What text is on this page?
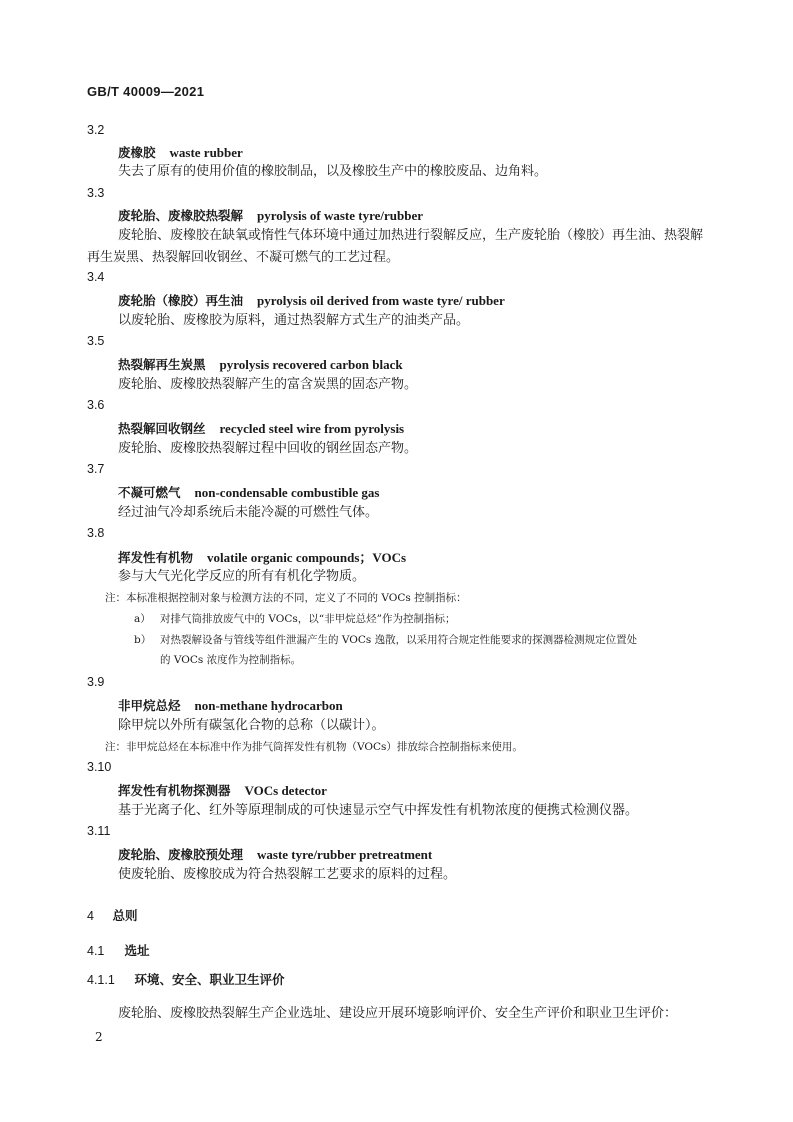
GB/T 40009—2021
3.2
废橡胶 waste rubber
失去了原有的使用价值的橡胶制品，以及橡胶生产中的橡胶废品、边角料。
3.3
废轮胎、废橡胶热裂解 pyrolysis of waste tyre/rubber
废轮胎、废橡胶在缺氧或惰性气体环境中通过加热进行裂解反应，生产废轮胎（橡胶）再生油、热裂解再生炭黑、热裂解回收钢丝、不凝可燃气的工艺过程。
3.4
废轮胎（橡胶）再生油 pyrolysis oil derived from waste tyre/ rubber
以废轮胎、废橡胶为原料，通过热裂解方式生产的油类产品。
3.5
热裂解再生炭黑 pyrolysis recovered carbon black
废轮胎、废橡胶热裂解产生的富含炭黑的固态产物。
3.6
热裂解回收钢丝 recycled steel wire from pyrolysis
废轮胎、废橡胶热裂解过程中回收的钢丝固态产物。
3.7
不凝可燃气 non-condensable combustible gas
经过油气冷却系统后未能冷凝的可燃性气体。
3.8
挥发性有机物 volatile organic compounds；VOCs
参与大气光化学反应的所有有机化学物质。
注：本标准根据控制对象与检测方法的不同，定义了不同的 VOCs 控制指标：
a） 对排气筒排放废气中的 VOCs，以“非甲烷总烃”作为控制指标；
b） 对热裂解设备与管线等组件泄漏产生的 VOCs 逸散，以采用符合规定性能要求的探测器检测规定位置处
的 VOCs 浓度作为控制指标。
3.9
非甲烷总烃 non-methane hydrocarbon
除甲烷以外所有碳氢化合物的总称（以碳计）。
注：非甲烷总烃在本标准中作为排气筒挥发性有机物（VOCs）排放综合控制指标来使用。
3.10
挥发性有机物探测器 VOCs detector
基于光离子化、红外等原理制成的可快速显示空气中挥发性有机物浓度的便携式检测仪器。
3.11
废轮胎、废橡胶预处理 waste tyre/rubber pretreatment
使废轮胎、废橡胶成为符合热裂解工艺要求的原料的过程。
4 总则
4.1 选址
4.1.1 环境、安全、职业卫生评价
废轮胎、废橡胶热裂解生产企业选址、建设应开展环境影响评价、安全生产评价和职业卫生评价：
2
